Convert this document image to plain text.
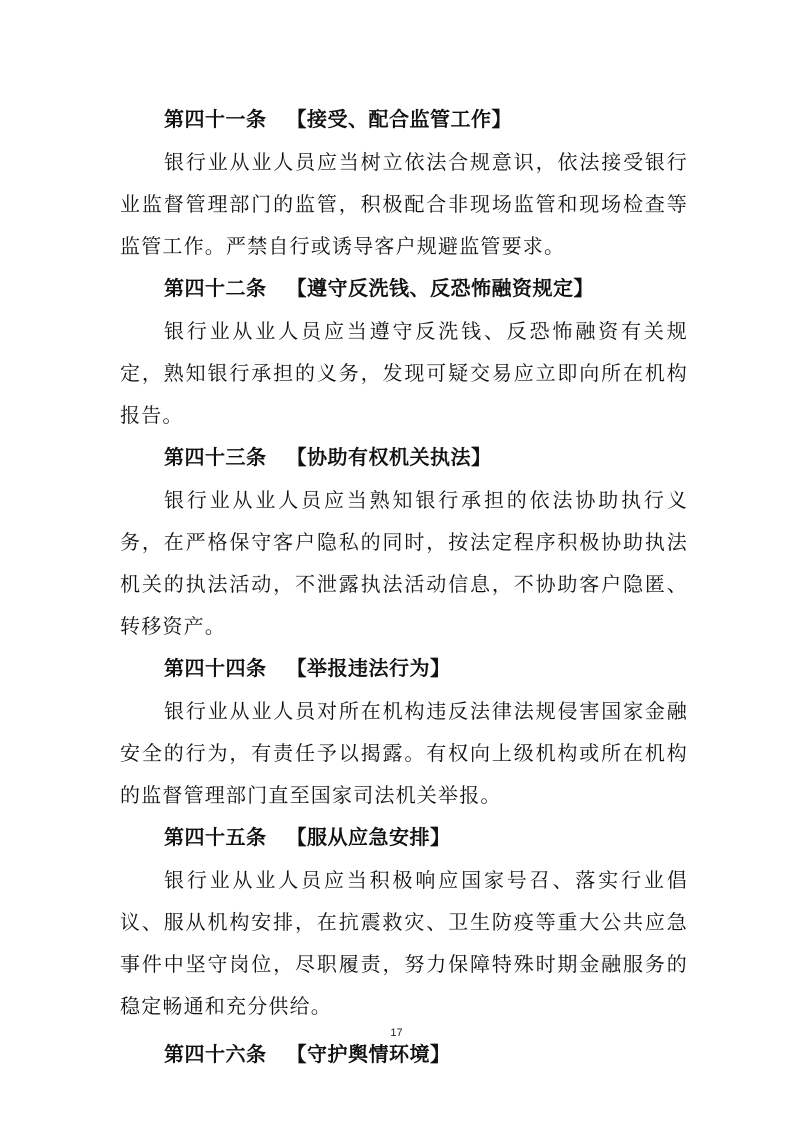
第四十一条 【接受、配合监管工作】

银行业从业人员应当树立依法合规意识，依法接受银行业监督管理部门的监管，积极配合非现场监管和现场检查等监管工作。严禁自行或诱导客户规避监管要求。

第四十二条 【遵守反洗钱、反恐怖融资规定】

银行业从业人员应当遵守反洗钱、反恐怖融资有关规定，熟知银行承担的义务，发现可疑交易应立即向所在机构报告。

第四十三条 【协助有权机关执法】

银行业从业人员应当熟知银行承担的依法协助执行义务，在严格保守客户隐私的同时，按法定程序积极协助执法机关的执法活动，不泄露执法活动信息，不协助客户隐匿、转移资产。

第四十四条 【举报违法行为】

银行业从业人员对所在机构违反法律法规侵害国家金融安全的行为，有责任予以揭露。有权向上级机构或所在机构的监督管理部门直至国家司法机关举报。

第四十五条 【服从应急安排】

银行业从业人员应当积极响应国家号召、落实行业倡议、服从机构安排，在抗震救灾、卫生防疫等重大公共应急事件中坚守岗位，尽职履责，努力保障特殊时期金融服务的稳定畅通和充分供给。

第四十六条 【守护舆情环境】
17
